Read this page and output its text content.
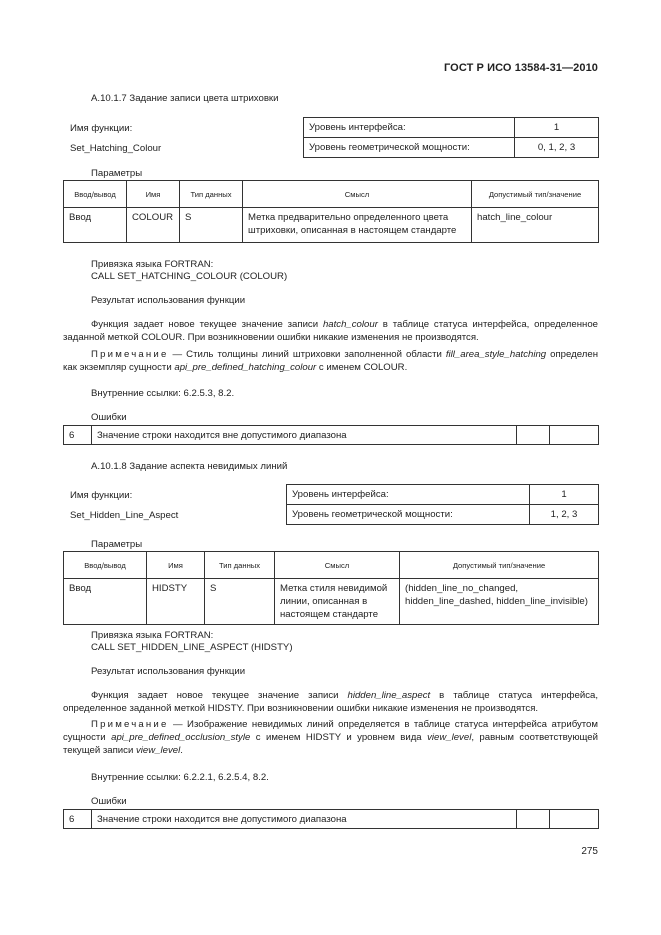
ГОСТ Р ИСО 13584-31—2010
A.10.1.7 Задание записи цвета штриховки
Имя функции:
Set_Hatching_Colour
Уровень интерфейса:	1
Уровень геометрической мощности:	0, 1, 2, 3
Параметры
Ввод/вывод	Имя	Тип данных	Смысл	Допустимый тип/значение
Ввод	COLOUR	S	Метка предварительно определенного цвета штриховки, описанная в настоящем стандарте	hatch_line_colour
Привязка языка FORTRAN:
CALL SET_HATCHING_COLOUR (COLOUR)
Результат использования функции
Функция задает новое текущее значение записи hatch_colour в таблице статуса интерфейса, определенное заданной меткой COLOUR. При возникновении ошибки никакие изменения не производятся.
Примечание — Стиль толщины линий штриховки заполненной области fill_area_style_hatching определен как экземпляр сущности api_pre_defined_hatching_colour с именем COLOUR.
Внутренние ссылки: 6.2.5.3, 8.2.
Ошибки
6	Значение строки находится вне допустимого диапазона		
A.10.1.8 Задание аспекта невидимых линий
Имя функции:
Set_Hidden_Line_Aspect
Уровень интерфейса:	1
Уровень геометрической мощности:	1, 2, 3
Параметры
Ввод/вывод	Имя	Тип данных	Смысл	Допустимый тип/значение
Ввод	HIDSTY	S	Метка стиля невидимой линии, описанная в настоящем стандарте	(hidden_line_no_changed, hidden_line_dashed, hidden_line_invisible)
Привязка языка FORTRAN:
CALL SET_HIDDEN_LINE_ASPECT (HIDSTY)
Результат использования функции
Функция задает новое текущее значение записи hidden_line_aspect в таблице статуса интерфейса, определенное заданной меткой HIDSTY. При возникновении ошибки никакие изменения не производятся.
Примечание — Изображение невидимых линий определяется в таблице статуса интерфейса атрибутом сущности api_pre_defined_occlusion_style с именем HIDSTY и уровнем вида view_level, равным соответствующей текущей записи view_level.
Внутренние ссылки: 6.2.2.1, 6.2.5.4, 8.2.
Ошибки
6	Значение строки находится вне допустимого диапазона		
275
